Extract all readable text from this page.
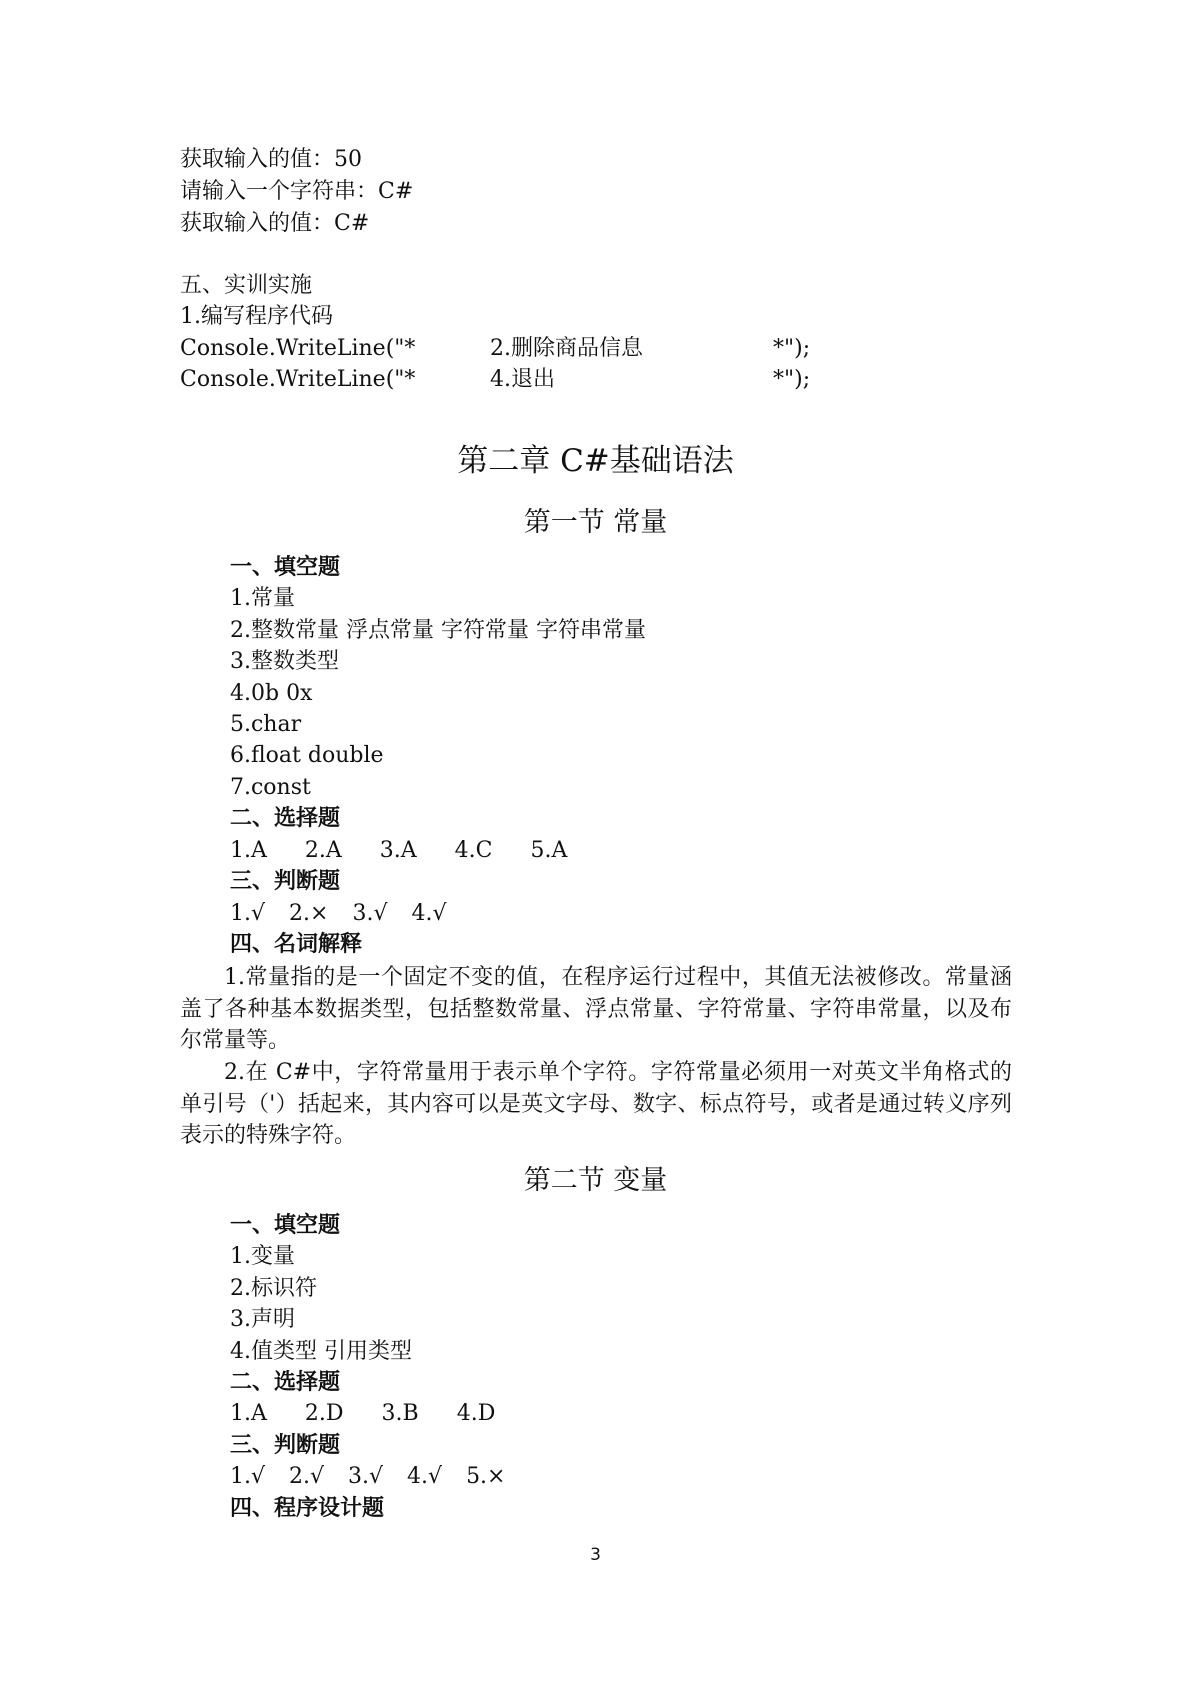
获取输入的值：50
请输入一个字符串：C#
获取输入的值：C#
五、实训实施
1.编写程序代码
Console.WriteLine("*	2.删除商品信息	*");
Console.WriteLine("*	4.退出	*");
第二章 C#基础语法
第一节 常量
一、填空题
1.常量
2.整数常量 浮点常量 字符常量 字符串常量
3.整数类型
4.0b 0x
5.char
6.float double
7.const
二、选择题
1.A 2.A 3.A 4.C 5.A
三、判断题
1.√ 2.× 3.√ 4.√
四、名词解释
1.常量指的是一个固定不变的值，在程序运行过程中，其值无法被修改。常量涵盖了各种基本数据类型，包括整数常量、浮点常量、字符常量、字符串常量，以及布尔常量等。
2.在 C#中，字符常量用于表示单个字符。字符常量必须用一对英文半角格式的单引号（'）括起来，其内容可以是英文字母、数字、标点符号，或者是通过转义序列表示的特殊字符。
第二节 变量
一、填空题
1.变量
2.标识符
3.声明
4.值类型 引用类型
二、选择题
1.A 2.D 3.B 4.D
三、判断题
1.√ 2.√ 3.√ 4.√ 5.×
四、程序设计题
3
